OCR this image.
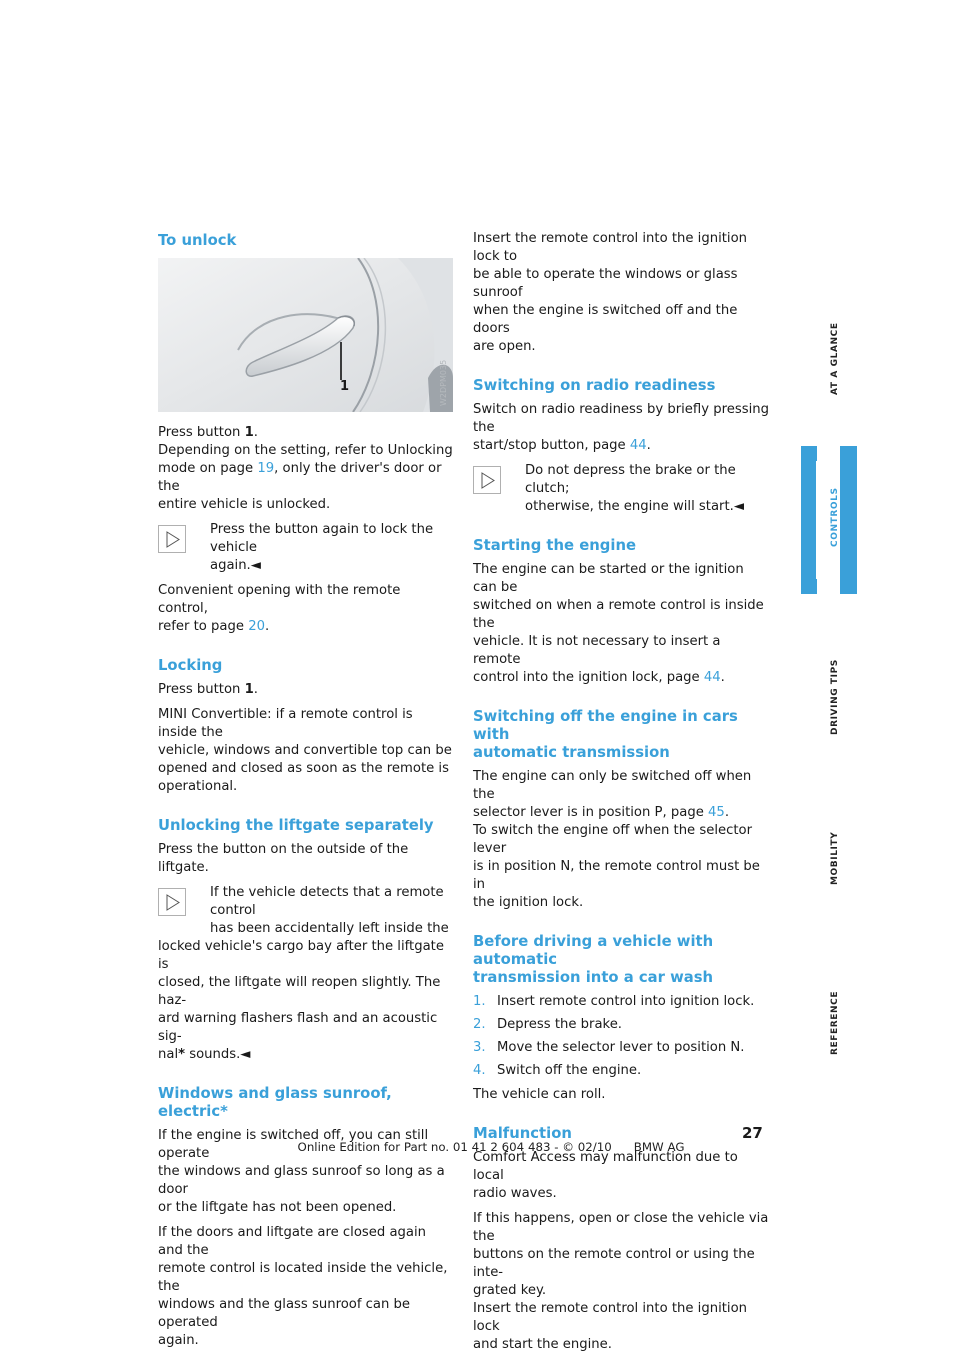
To unlock
W2DPM035
1

Press button 1.

Depending on the setting, refer to Unlocking

mode on page 19, only the driver's door or the

entire vehicle is unlocked.

Press the button again to lock the vehicle
again.◄

Convenient opening with the remote control,

refer to page 20.

Locking

Press button 1.

MINI Convertible: if a remote control is inside the

vehicle, windows and convertible top can be

opened and closed as soon as the remote is

operational.

Unlocking the liftgate separately

Press the button on the outside of the liftgate.

If the vehicle detects that a remote control
has been accidentally left inside the
locked vehicle's cargo bay after the liftgate is
closed, the liftgate will reopen slightly. The haz-
ard warning flashers flash and an acoustic sig-
nal* sounds.◄
Windows and glass sunroof, electric*

If the engine is switched off, you can still operate

the windows and glass sunroof so long as a door

or the liftgate has not been opened.

If the doors and liftgate are closed again and the

remote control is located inside the vehicle, the

windows and the glass sunroof can be operated

again.

Insert the remote control into the ignition lock to

be able to operate the windows or glass sunroof

when the engine is switched off and the doors

are open.

Switching on radio readiness

Switch on radio readiness by briefly pressing the

start/stop button, page 44.

Do not depress the brake or the clutch;
otherwise, the engine will start.◄
Starting the engine

The engine can be started or the ignition can be

switched on when a remote control is inside the

vehicle. It is not necessary to insert a remote

control into the ignition lock, page 44.

Switching off the engine in cars with
automatic transmission

The engine can only be switched off when the

selector lever is in position P, page 45.

To switch the engine off when the selector lever

is in position N, the remote control must be in

the ignition lock.

Before driving a vehicle with automatic
transmission into a car wash
1. Insert remote control into ignition lock.
2. Depress the brake.
3. Move the selector lever to position N.
4. Switch off the engine.

The vehicle can roll.

Malfunction

Comfort Access may malfunction due to local

radio waves.

If this happens, open or close the vehicle via the

buttons on the remote control or using the inte-

grated key.

Insert the remote control into the ignition lock

and start the engine.

AT A GLANCE
CONTROLS
DRIVING TIPS
MOBILITY
REFERENCE
27
Online Edition for Part no. 01 41 2 604 483 - © 02/10 BMW AG
